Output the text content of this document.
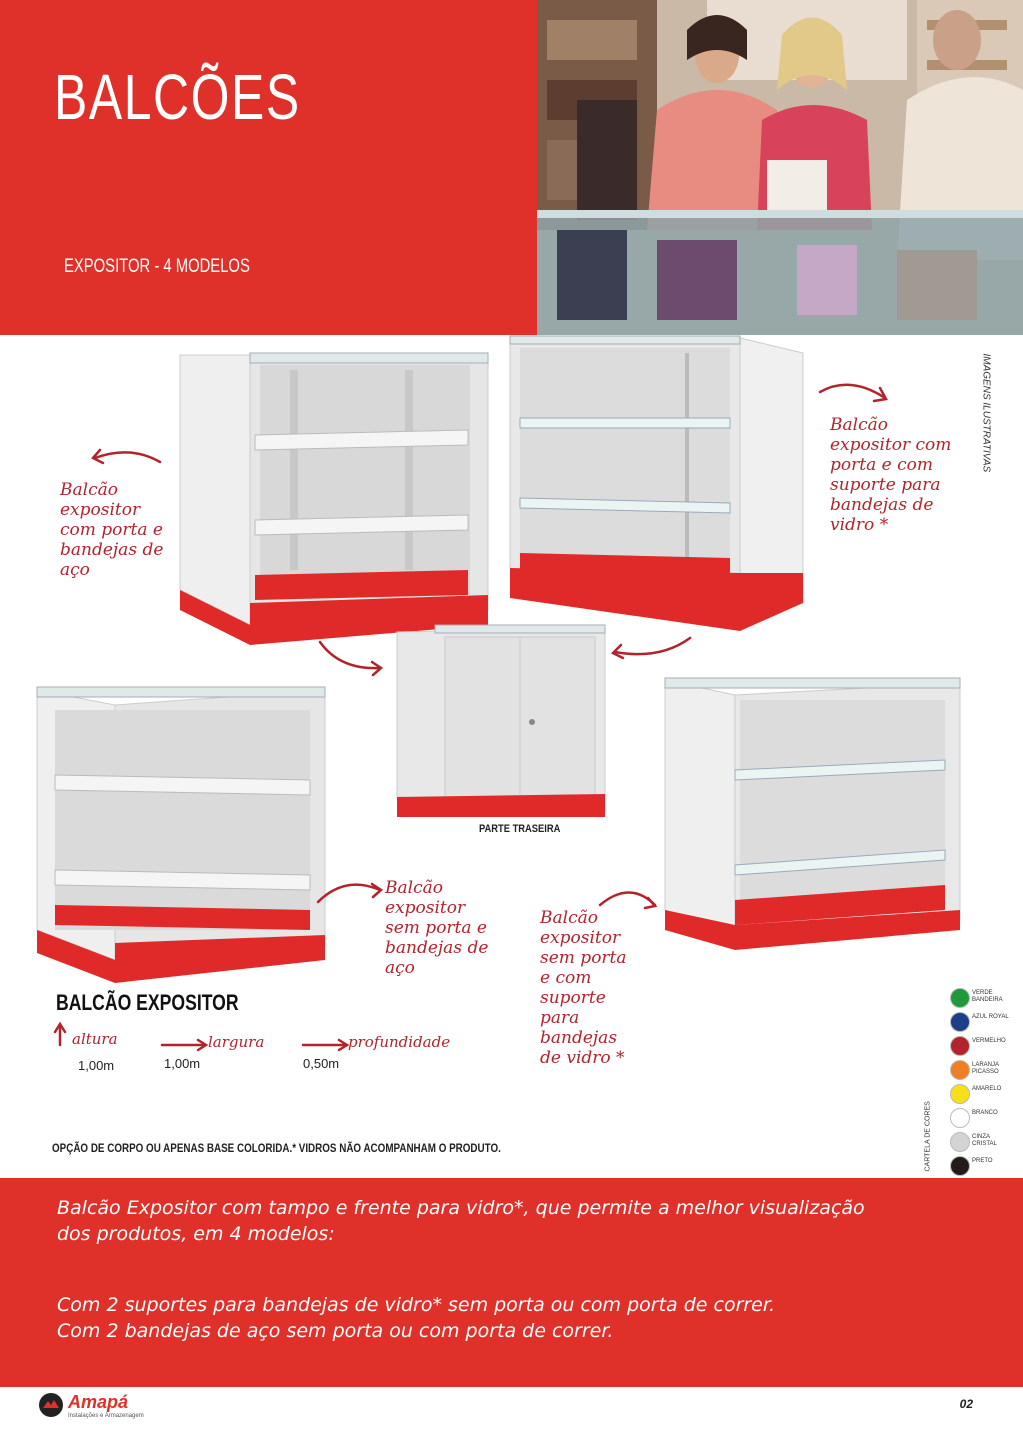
BALCÕES
EXPOSITOR - 4 MODELOS
IMAGENS ILUSTRATIVAS
PARTE TRASEIRA
Balcão expositor com porta e bandejas de aço
Balcão expositor com porta e com suporte para bandejas de vidro *
Balcão expositor sem porta e bandejas de aço
Balcão expositor sem porta e com suporte para bandejas de vidro *
BALCÃO EXPOSITOR
altura
1,00m
largura
1,00m
profundidade
0,50m
OPÇÃO DE CORPO OU APENAS BASE COLORIDA.* VIDROS NÃO ACOMPANHAM O PRODUTO.	CARTELA DE CORES
VERDE BANDEIRA
AZUL ROYAL
VERMELHO
LARANJA PICASSO
AMARELO
BRANCO
CINZA CRISTAL
PRETO

Balcão Expositor com tampo e frente para vidro*, que permite a melhor visualização

dos produtos, em 4 modelos:

Com 2 suportes para bandejas de vidro* sem porta ou com porta de correr.

Com 2 bandejas de aço sem porta ou com porta de correr.

Amapá
Instalações e Armazenagem
02
